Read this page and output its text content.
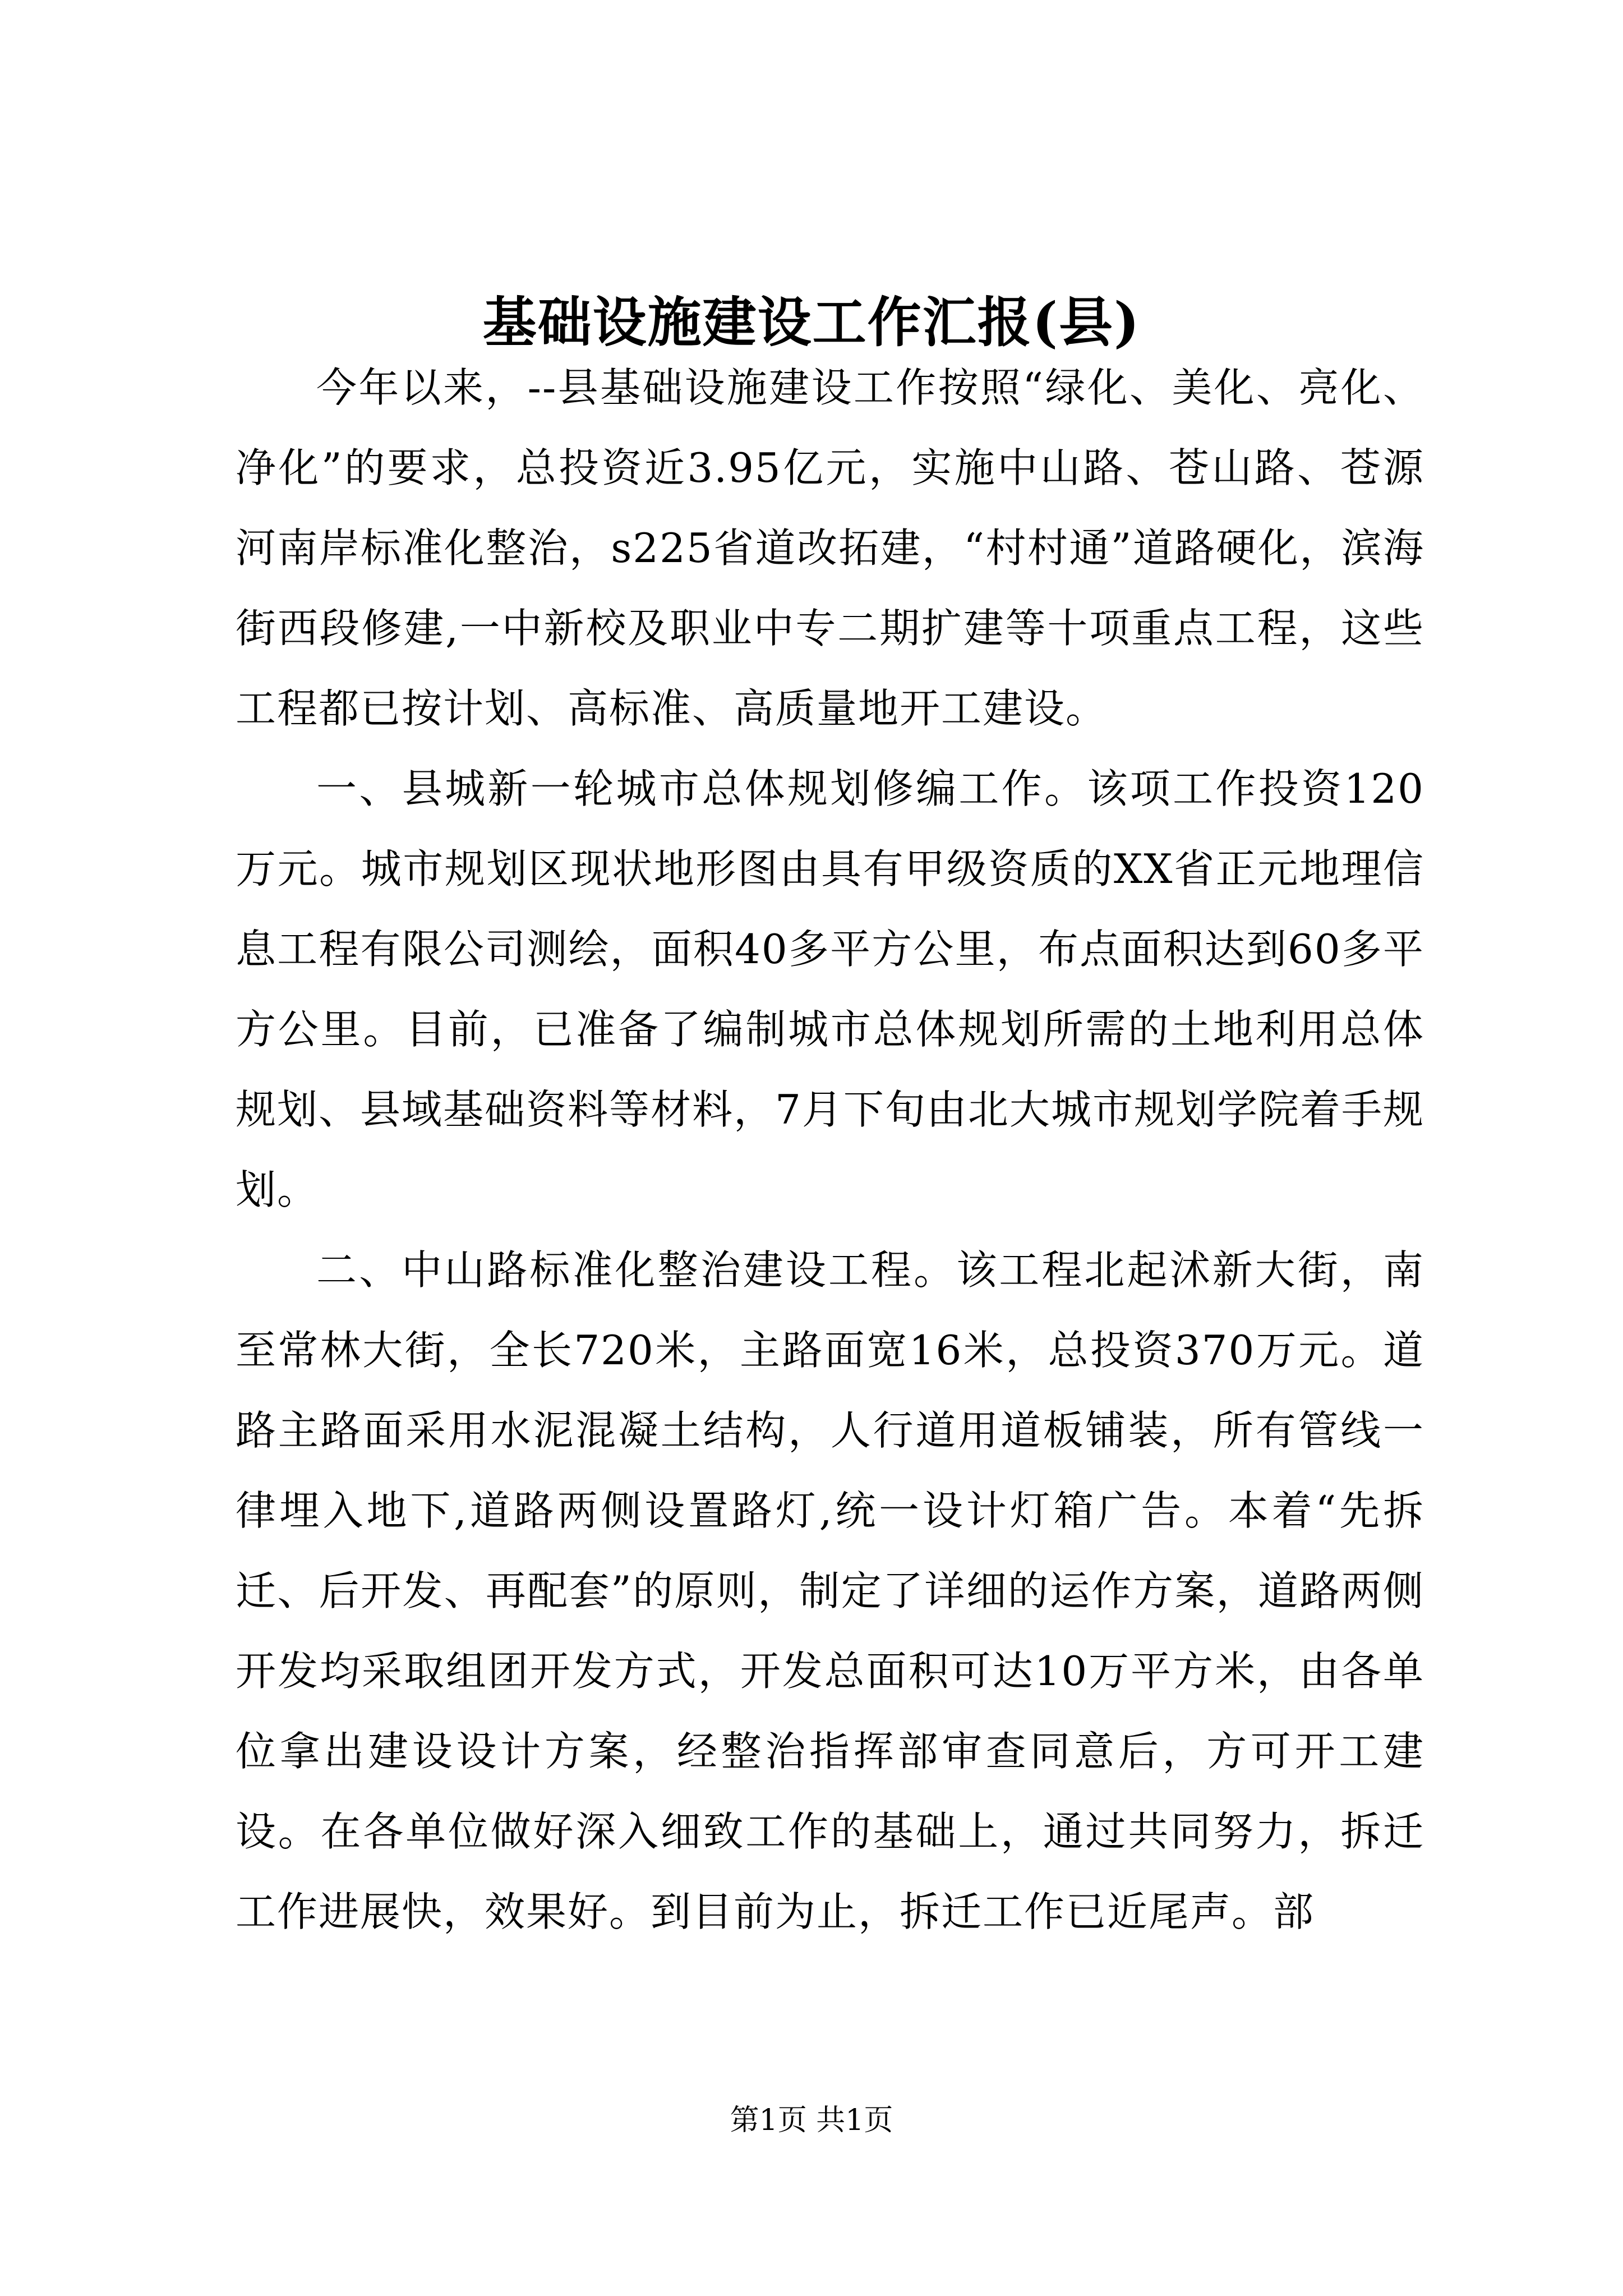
基础设施建设工作汇报(县)

今年以来，--县基础设施建设工作按照“绿化、美化、亮化、净化”的要求，总投资近3.95亿元，实施中山路、苍山路、苍源河南岸标准化整治，s225省道改拓建，“村村通”道路硬化，滨海街西段修建,一中新校及职业中专二期扩建等十项重点工程，这些工程都已按计划、高标准、高质量地开工建设。

一、县城新一轮城市总体规划修编工作。该项工作投资120万元。城市规划区现状地形图由具有甲级资质的XX省正元地理信息工程有限公司测绘，面积40多平方公里，布点面积达到60多平方公里。目前，已准备了编制城市总体规划所需的土地利用总体规划、县域基础资料等材料，7月下旬由北大城市规划学院着手规划。

二、中山路标准化整治建设工程。该工程北起沭新大街，南至常林大街，全长720米，主路面宽16米，总投资370万元。道路主路面采用水泥混凝土结构，人行道用道板铺装，所有管线一律埋入地下,道路两侧设置路灯,统一设计灯箱广告。本着“先拆迁、后开发、再配套”的原则，制定了详细的运作方案，道路两侧开发均采取组团开发方式，开发总面积可达10万平方米，由各单位拿出建设设计方案，经整治指挥部审查同意后，方可开工建设。在各单位做好深入细致工作的基础上，通过共同努力，拆迁工作进展快，效果好。到目前为止，拆迁工作已近尾声。部

第1页 共1页
